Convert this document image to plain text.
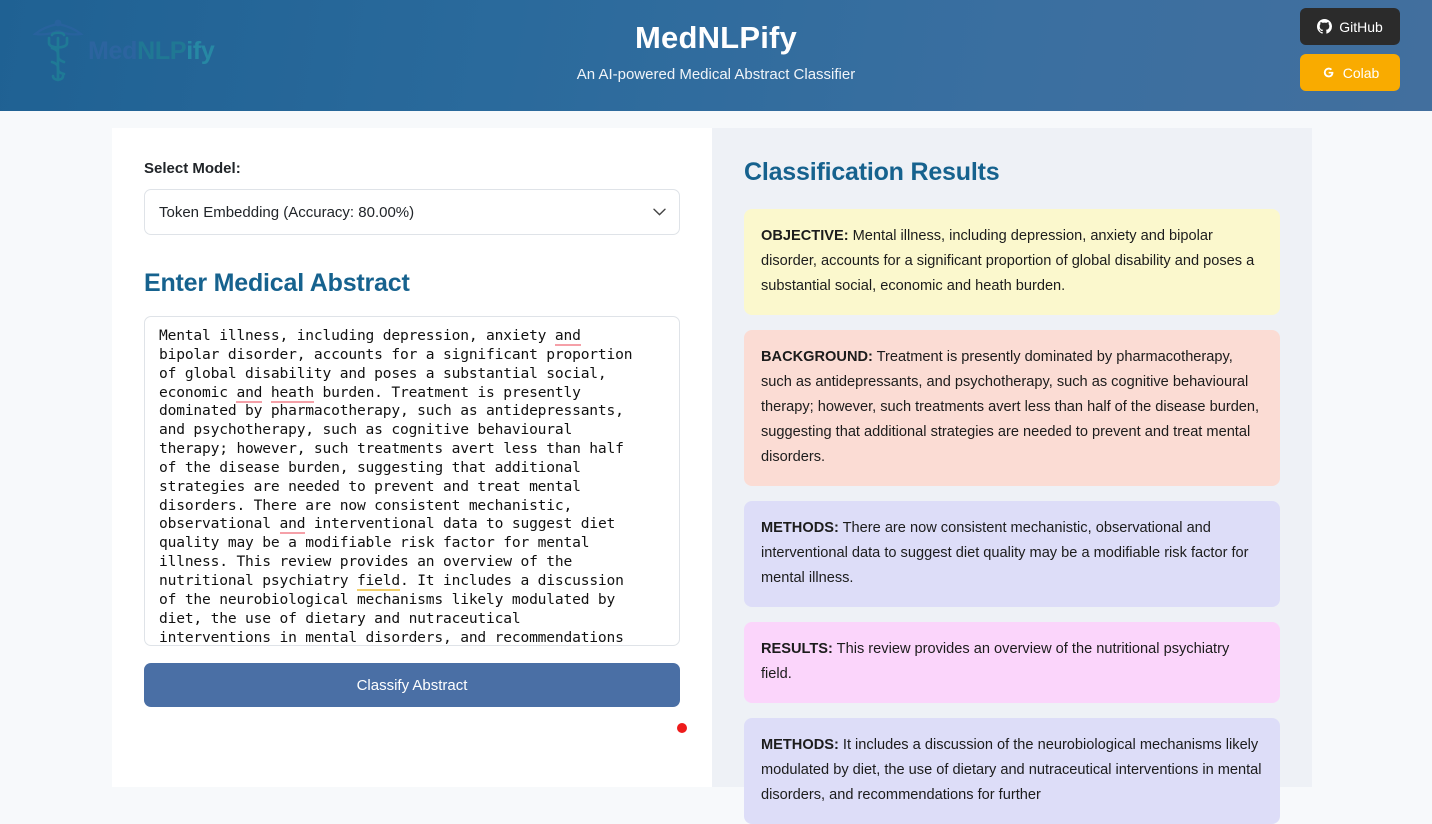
MedNLPify	MedNLPify

An AI-powered Medical Abstract Classifier

GitHub
Colab
Select Model:
Token Embedding (Accuracy: 80.00%)
Enter Medical Abstract
Mental illness, including depression, anxiety and
bipolar disorder, accounts for a significant proportion
of global disability and poses a substantial social,
economic and heath burden. Treatment is presently
dominated by pharmacotherapy, such as antidepressants,
and psychotherapy, such as cognitive behavioural
therapy; however, such treatments avert less than half
of the disease burden, suggesting that additional
strategies are needed to prevent and treat mental
disorders. There are now consistent mechanistic,
observational and interventional data to suggest diet
quality may be a modifiable risk factor for mental
illness. This review provides an overview of the
nutritional psychiatry field. It includes a discussion
of the neurobiological mechanisms likely modulated by
diet, the use of dietary and nutraceutical
interventions in mental disorders, and recommendations
Classify Abstract
Classification Results
OBJECTIVE: Mental illness, including depression, anxiety and bipolar disorder, accounts for a significant proportion of global disability and poses a substantial social, economic and heath burden.
BACKGROUND: Treatment is presently dominated by pharmacotherapy, such as antidepressants, and psychotherapy, such as cognitive behavioural therapy; however, such treatments avert less than half of the disease burden, suggesting that additional strategies are needed to prevent and treat mental disorders.
METHODS: There are now consistent mechanistic, observational and interventional data to suggest diet quality may be a modifiable risk factor for mental illness.
RESULTS: This review provides an overview of the nutritional psychiatry field.
METHODS: It includes a discussion of the neurobiological mechanisms likely modulated by diet, the use of dietary and nutraceutical interventions in mental disorders, and recommendations for further
